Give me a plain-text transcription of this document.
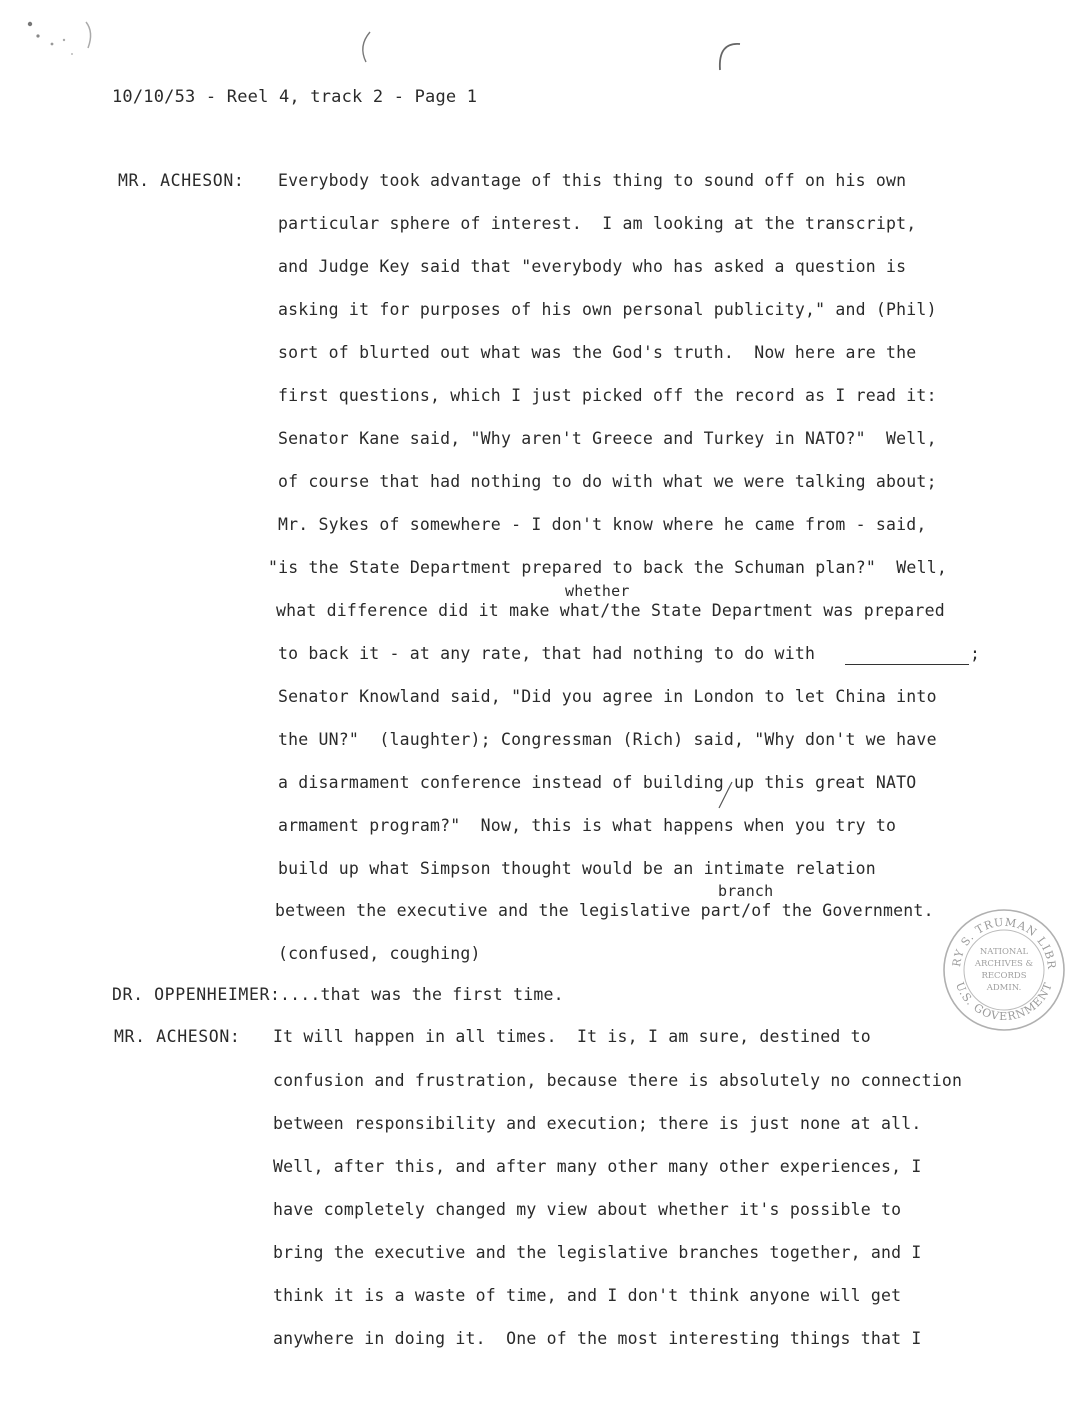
10/10/53 - Reel 4, track 2 - Page 1
MR. ACHESON:
DR. OPPENHEIMER:
MR. ACHESON:
Everybody took advantage of this thing to sound off on his own
particular sphere of interest.  I am looking at the transcript,
and Judge Key said that "everybody who has asked a question is
asking it for purposes of his own personal publicity," and (Phil)
sort of blurted out what was the God's truth.  Now here are the
first questions, which I just picked off the record as I read it:
Senator Kane said, "Why aren't Greece and Turkey in NATO?"  Well,
of course that had nothing to do with what we were talking about;
Mr. Sykes of somewhere - I don't know where he came from - said,
"is the State Department prepared to back the Schuman plan?"  Well,
whether
what difference did it make what/the State Department was prepared
to back it - at any rate, that had nothing to do with	;
Senator Knowland said, "Did you agree in London to let China into
the UN?"  (laughter); Congressman (Rich) said, "Why don't we have
a disarmament conference instead of building up this great NATO
armament program?"  Now, this is what happens when you try to
build up what Simpson thought would be an intimate relation
branch
between the executive and the legislative part/of the Government.
(confused, coughing)
....that was the first time.
It will happen in all times.  It is, I am sure, destined to
confusion and frustration, because there is absolutely no connection
between responsibility and execution; there is just none at all.
Well, after this, and after many other many other experiences, I
have completely changed my view about whether it's possible to
bring the executive and the legislative branches together, and I
think it is a waste of time, and I don't think anyone will get
anywhere in doing it.  One of the most interesting things that I
RY S. TRUMAN LIBR
U.S. GOVERNMENT
NATIONAL
ARCHIVES &
RECORDS
ADMIN.
